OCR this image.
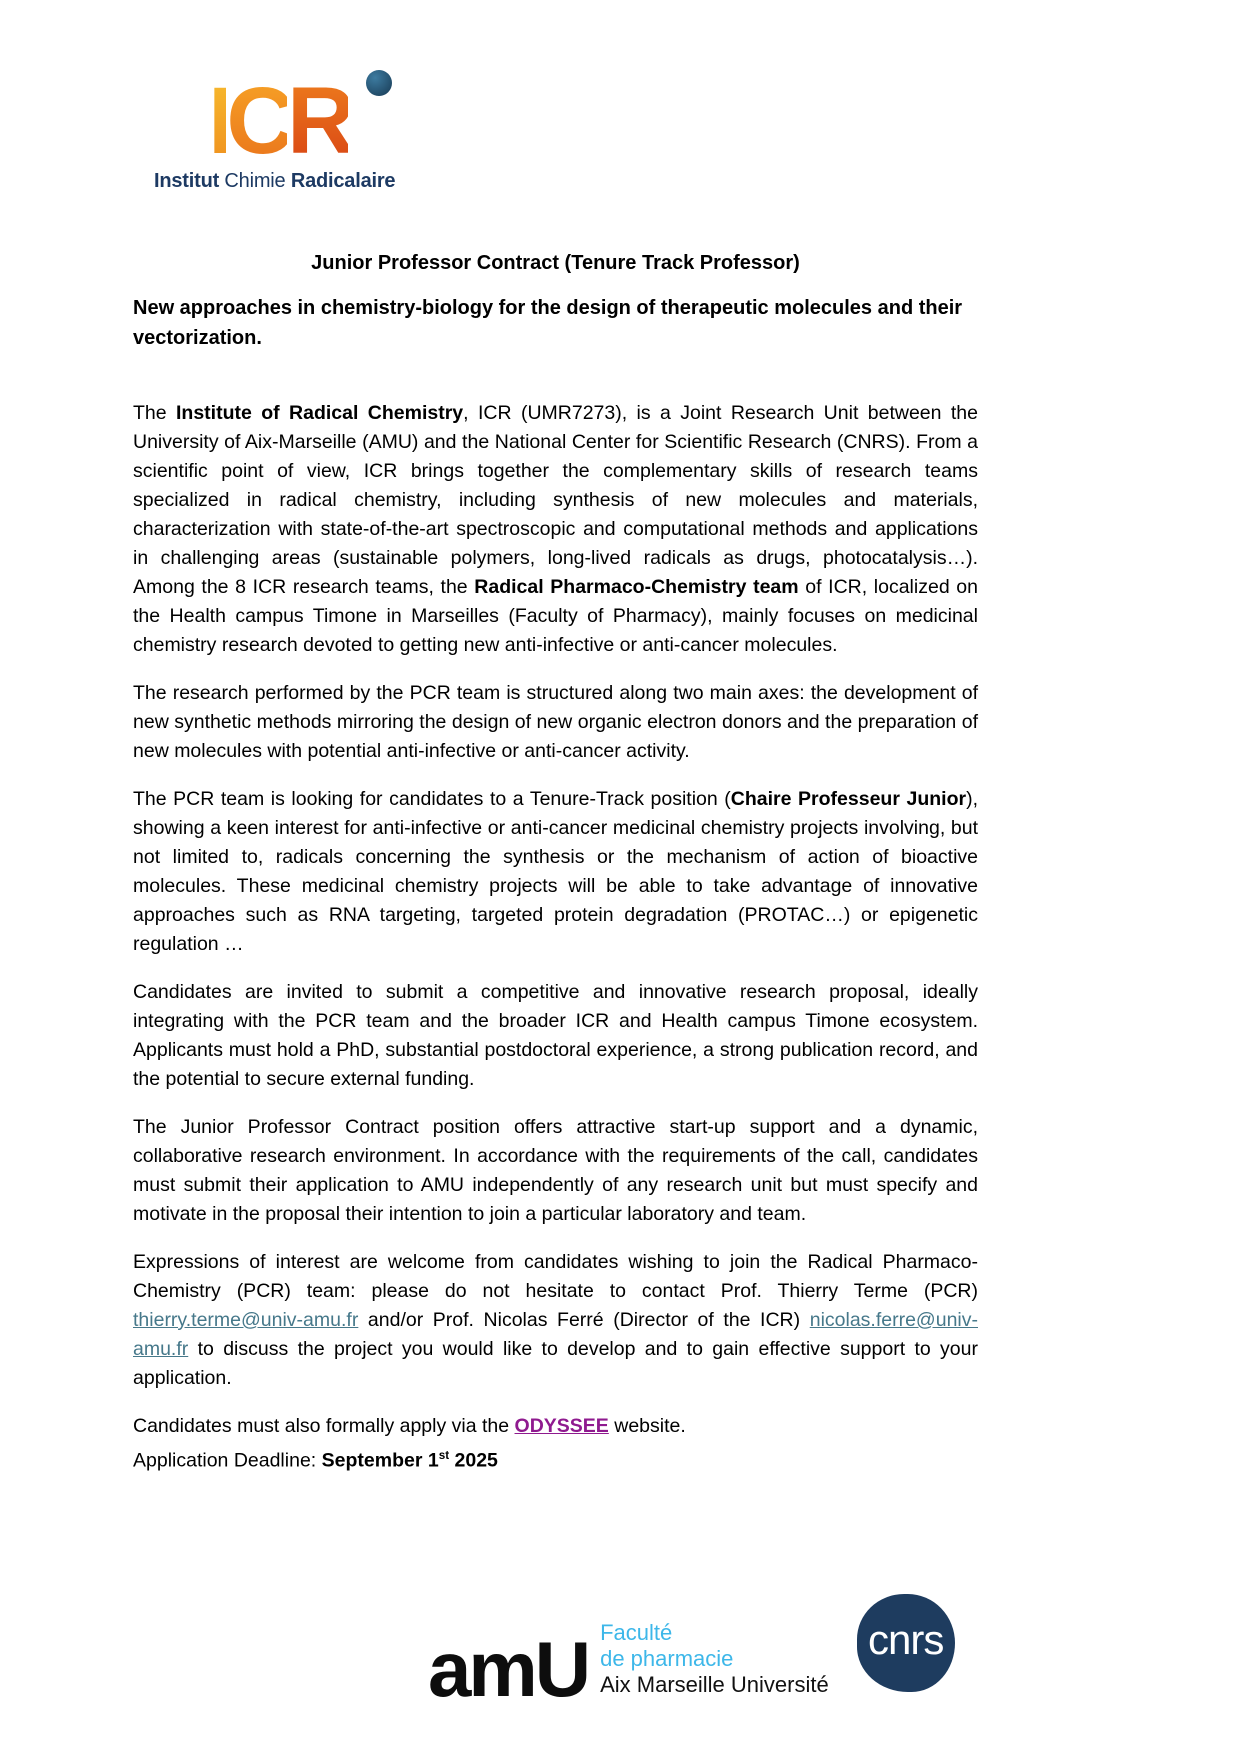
ICR
Institut Chimie Radicalaire
Junior Professor Contract (Tenure Track Professor)
New approaches in chemistry-biology for the design of therapeutic molecules and their vectorization.

The Institute of Radical Chemistry, ICR (UMR7273), is a Joint Research Unit between the University of Aix-Marseille (AMU) and the National Center for Scientific Research (CNRS). From a scientific point of view, ICR brings together the complementary skills of research teams specialized in radical chemistry, including synthesis of new molecules and materials, characterization with state-of-the-art spectroscopic and computational methods and applications in challenging areas (sustainable polymers, long-lived radicals as drugs, photocatalysis…). Among the 8 ICR research teams, the Radical Pharmaco-Chemistry team of ICR, localized on the Health campus Timone in Marseilles (Faculty of Pharmacy), mainly focuses on medicinal chemistry research devoted to getting new anti-infective or anti-cancer molecules.

The research performed by the PCR team is structured along two main axes: the development of new synthetic methods mirroring the design of new organic electron donors and the preparation of new molecules with potential anti-infective or anti-cancer activity.

The PCR team is looking for candidates to a Tenure-Track position (Chaire Professeur Junior), showing a keen interest for anti-infective or anti-cancer medicinal chemistry projects involving, but not limited to, radicals concerning the synthesis or the mechanism of action of bioactive molecules. These medicinal chemistry projects will be able to take advantage of innovative approaches such as RNA targeting, targeted protein degradation (PROTAC…) or epigenetic regulation …

Candidates are invited to submit a competitive and innovative research proposal, ideally integrating with the PCR team and the broader ICR and Health campus Timone ecosystem. Applicants must hold a PhD, substantial postdoctoral experience, a strong publication record, and the potential to secure external funding.

The Junior Professor Contract position offers attractive start-up support and a dynamic, collaborative research environment. In accordance with the requirements of the call, candidates must submit their application to AMU independently of any research unit but must specify and motivate in the proposal their intention to join a particular laboratory and team.

Expressions of interest are welcome from candidates wishing to join the Radical Pharmaco-Chemistry (PCR) team: please do not hesitate to contact Prof. Thierry Terme (PCR) thierry.terme@univ-amu.fr and/or Prof. Nicolas Ferré (Director of the ICR) nicolas.ferre@univ-amu.fr to discuss the project you would like to develop and to gain effective support to your application.

Candidates must also formally apply via the ODYSSEE website.

Application Deadline: September 1st 2025

amU Faculté
de pharmacie
Aix Marseille Université
cnrs
